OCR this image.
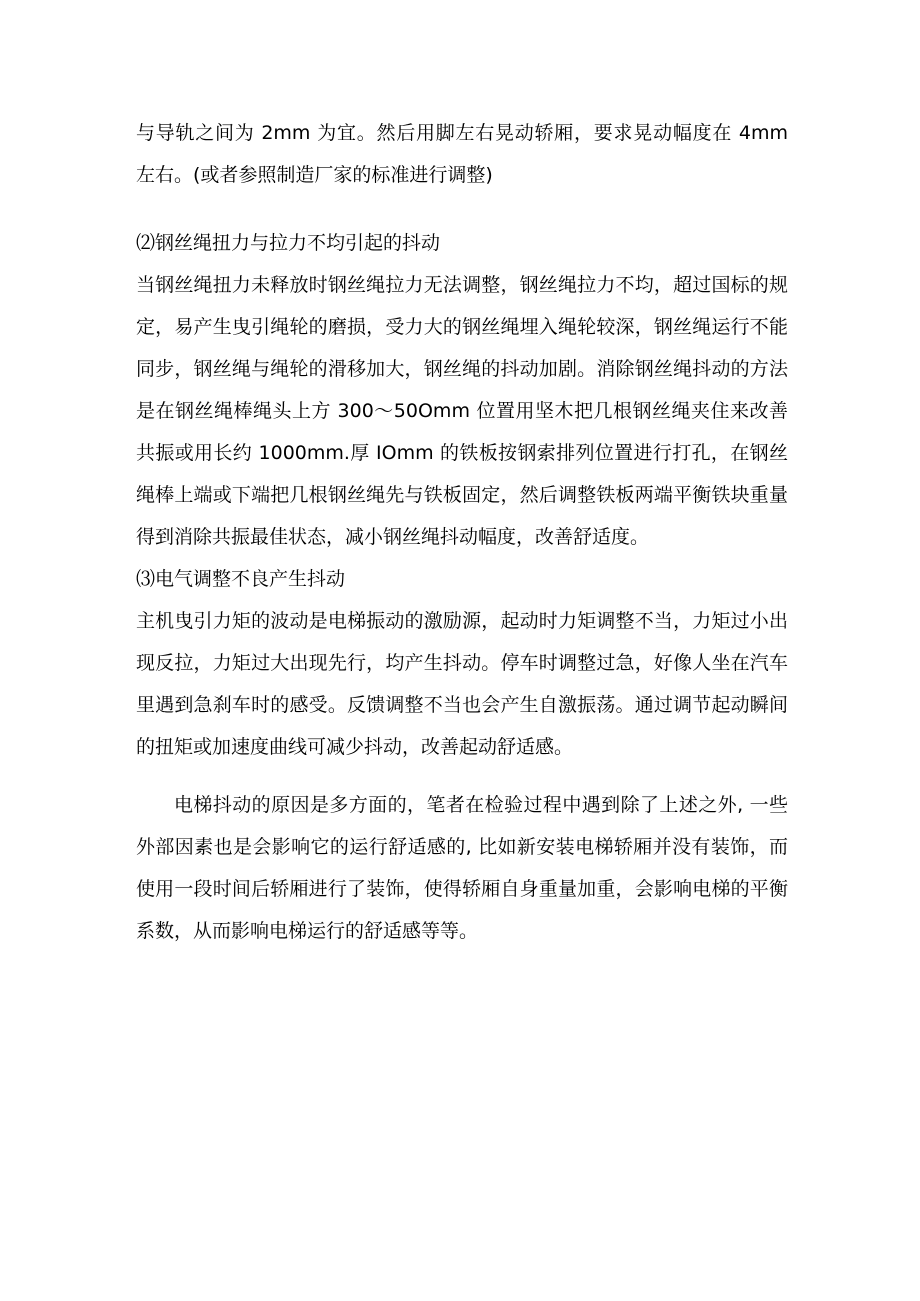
与导轨之间为 2mm 为宜。然后用脚左右晃动轿厢，要求晃动幅度在 4mm 左右。(或者参照制造厂家的标准进行调整)

⑵钢丝绳扭力与拉力不均引起的抖动

当钢丝绳扭力未释放时钢丝绳拉力无法调整，钢丝绳拉力不均，超过国标的规定，易产生曳引绳轮的磨损，受力大的钢丝绳埋入绳轮较深，钢丝绳运行不能同步，钢丝绳与绳轮的滑移加大，钢丝绳的抖动加剧。消除钢丝绳抖动的方法是在钢丝绳棒绳头上方 300～50Omm 位置用坚木把几根钢丝绳夹住来改善共振或用长约 1000mm.厚 IOmm 的铁板按钢索排列位置进行打孔，在钢丝绳棒上端或下端把几根钢丝绳先与铁板固定，然后调整铁板两端平衡铁块重量得到消除共振最佳状态，减小钢丝绳抖动幅度，改善舒适度。

⑶电气调整不良产生抖动

主机曳引力矩的波动是电梯振动的激励源，起动时力矩调整不当，力矩过小出现反拉，力矩过大出现先行，均产生抖动。停车时调整过急，好像人坐在汽车里遇到急刹车时的感受。反馈调整不当也会产生自激振荡。通过调节起动瞬间的扭矩或加速度曲线可减少抖动，改善起动舒适感。

电梯抖动的原因是多方面的，笔者在检验过程中遇到除了上述之外, 一些外部因素也是会影响它的运行舒适感的, 比如新安装电梯轿厢并没有装饰，而使用一段时间后轿厢进行了装饰，使得轿厢自身重量加重，会影响电梯的平衡系数，从而影响电梯运行的舒适感等等。
